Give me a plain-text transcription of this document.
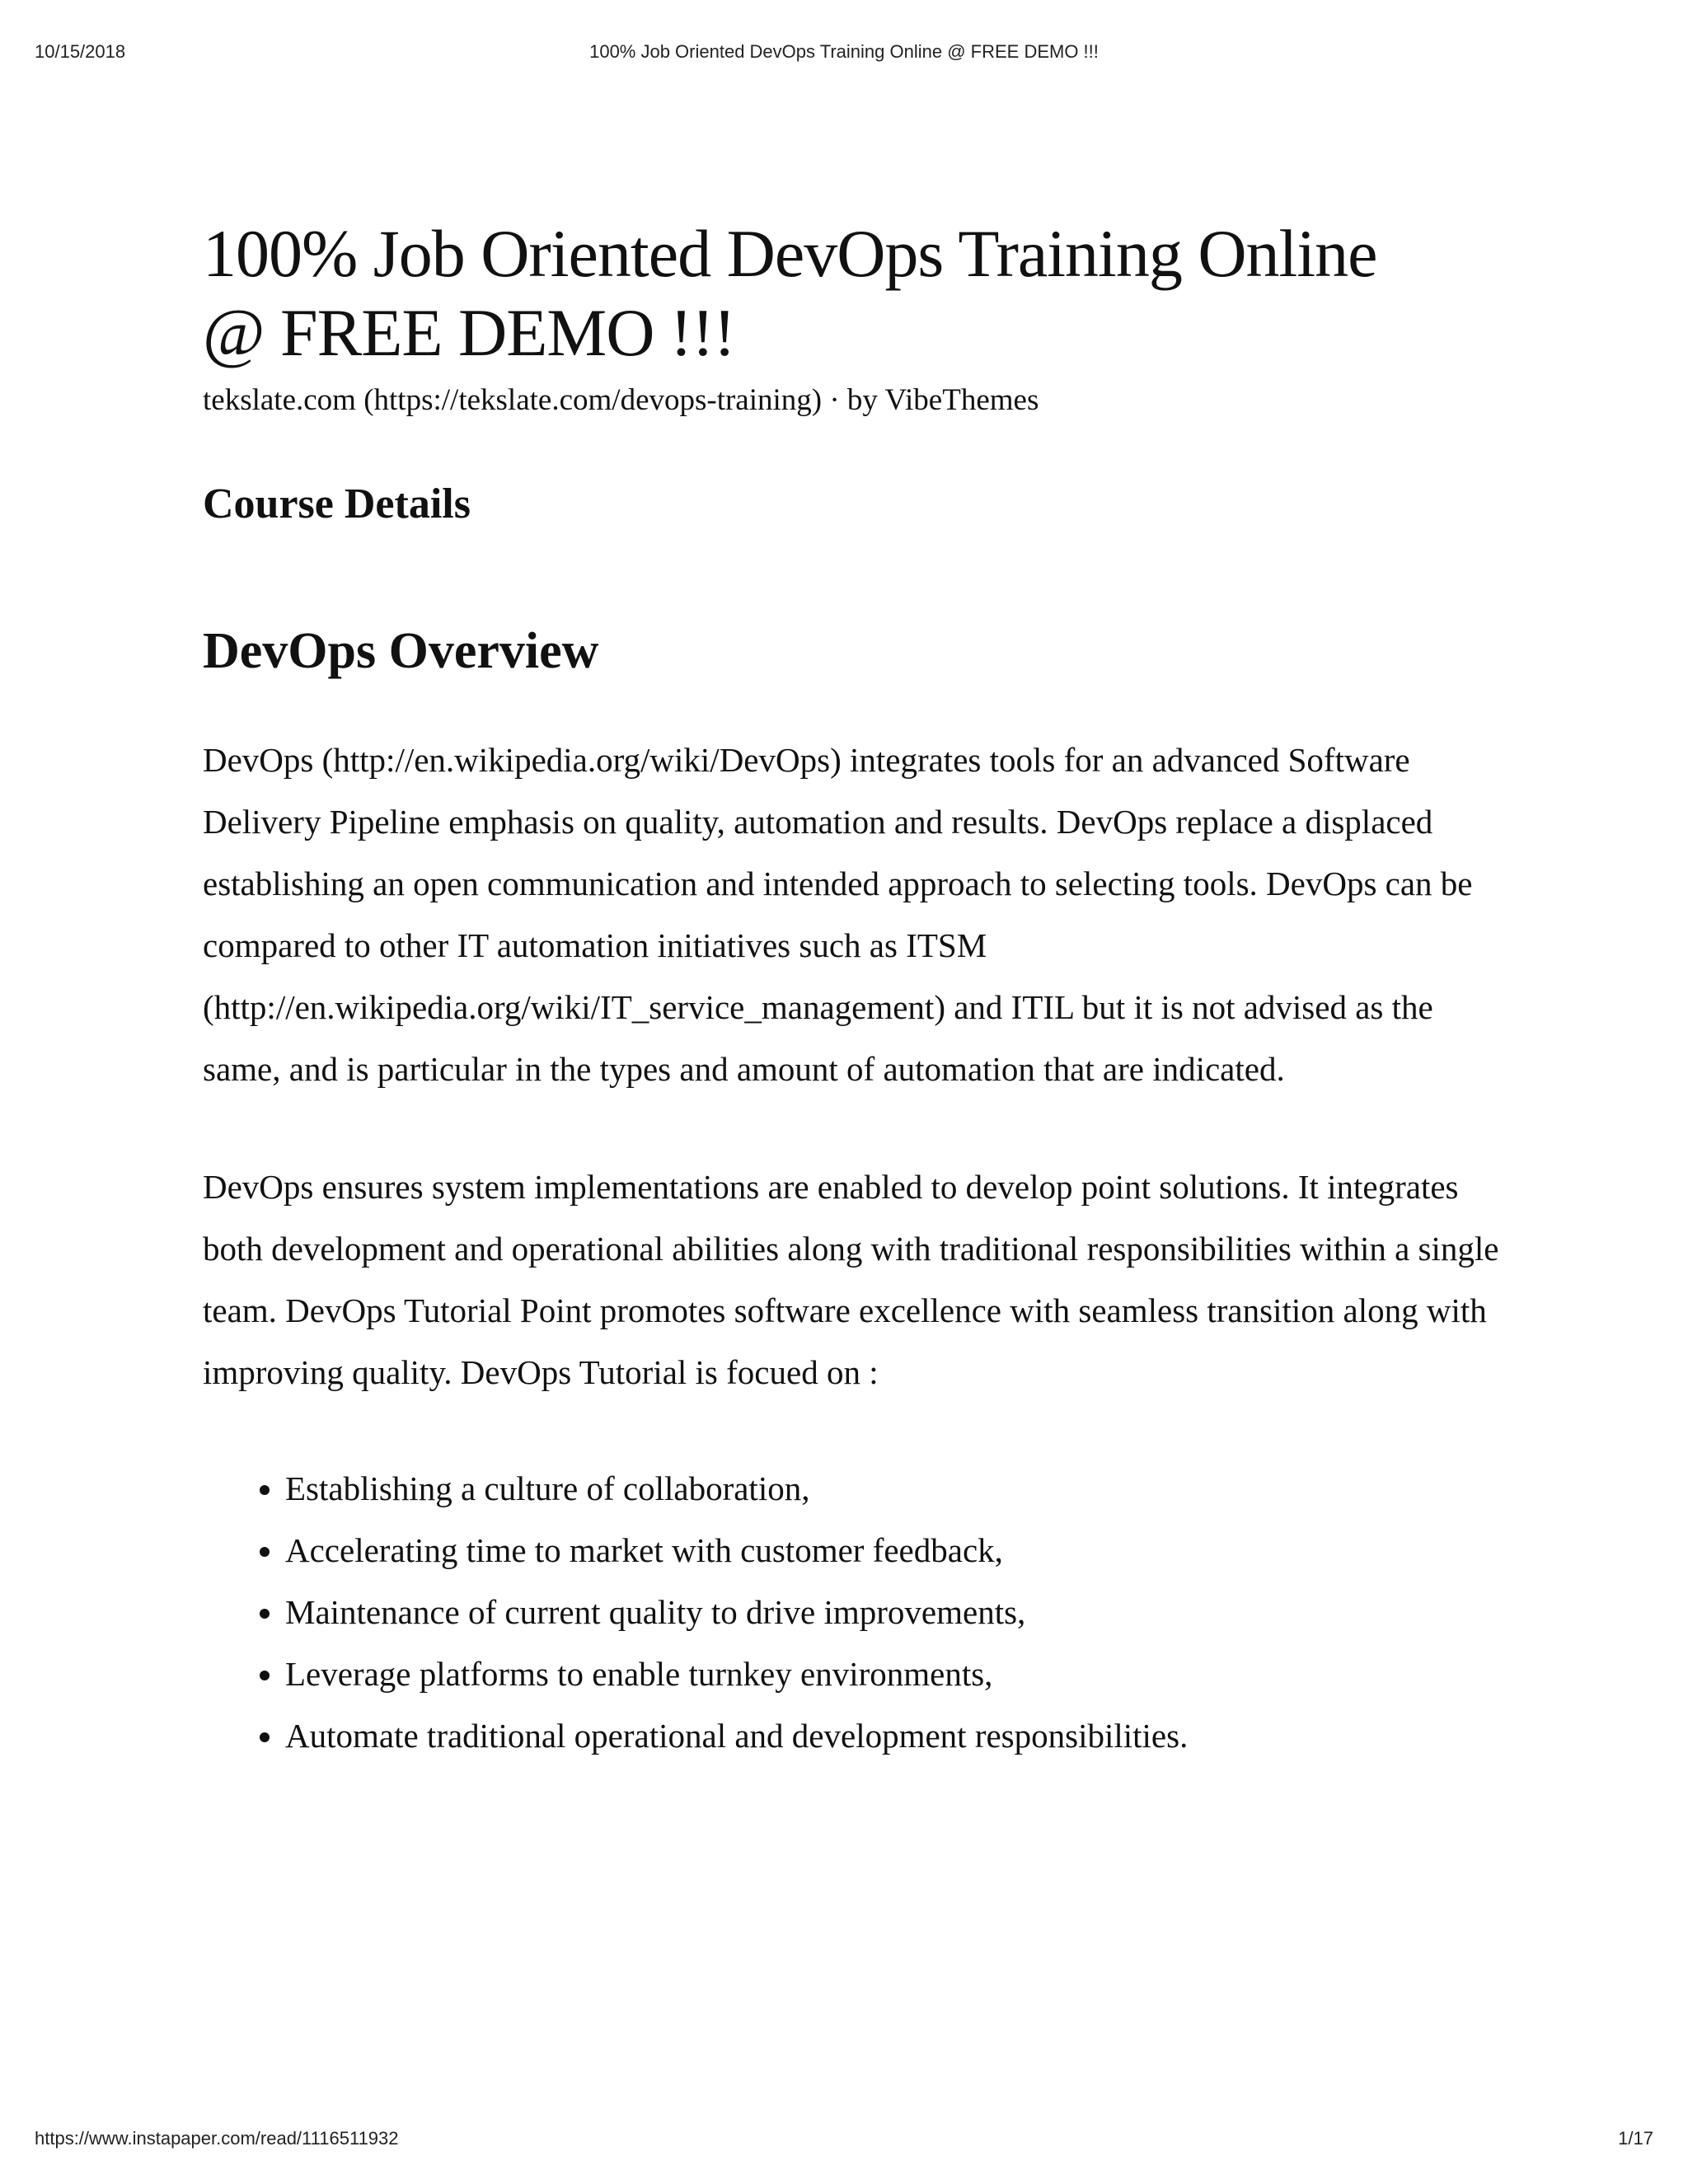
10/15/2018	100% Job Oriented DevOps Training Online @ FREE DEMO !!!
100% Job Oriented DevOps Training Online @ FREE DEMO !!!
tekslate.com (https://tekslate.com/devops-training) · by VibeThemes
Course Details
DevOps Overview

DevOps (http://en.wikipedia.org/wiki/DevOps) integrates tools for an advanced Software Delivery Pipeline emphasis on quality, automation and results. DevOps replace a displaced establishing an open communication and intended approach to selecting tools. DevOps can be compared to other IT automation initiatives such as ITSM (http://en.wikipedia.org/wiki/IT_service_management) and ITIL but it is not advised as the same, and is particular in the types and amount of automation that are indicated.

DevOps ensures system implementations are enabled to develop point solutions. It integrates both development and operational abilities along with traditional responsibilities within a single team. DevOps Tutorial Point promotes software excellence with seamless transition along with improving quality. DevOps Tutorial is focued on :

• Establishing a culture of collaboration,
• Accelerating time to market with customer feedback,
• Maintenance of current quality to drive improvements,
• Leverage platforms to enable turnkey environments,
• Automate traditional operational and development responsibilities.
https://www.instapaper.com/read/1116511932	1/17
